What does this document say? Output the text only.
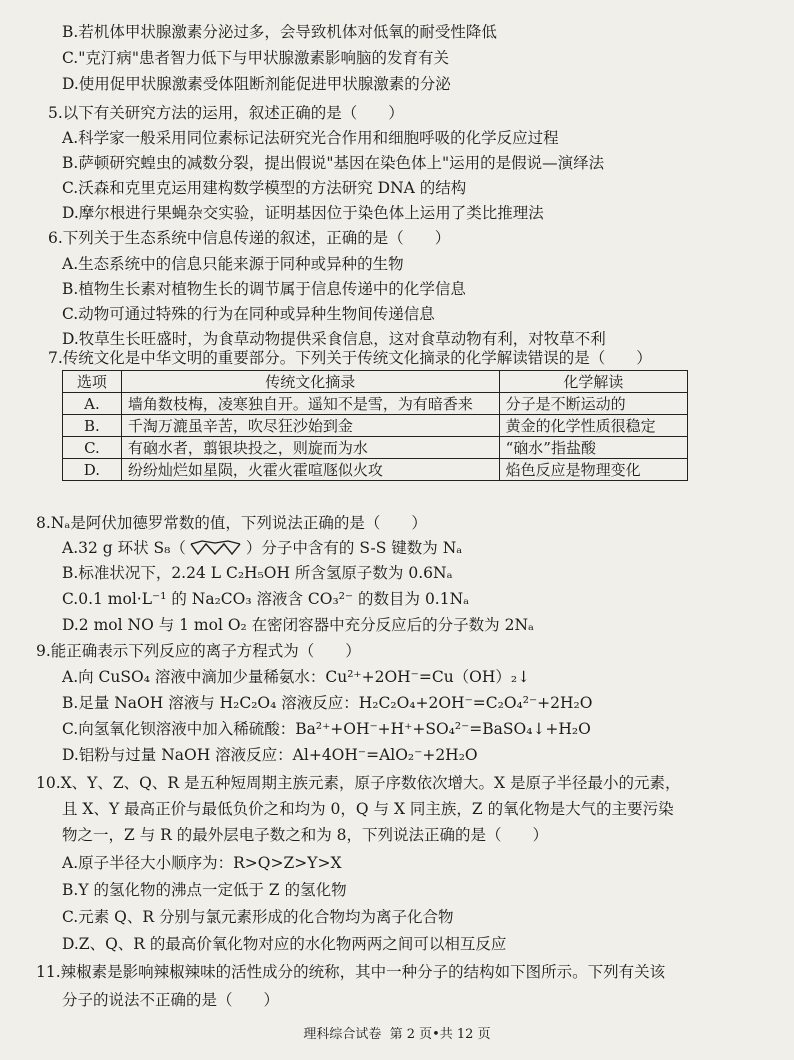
B.若机体甲状腺激素分泌过多，会导致机体对低氧的耐受性降低
C."克汀病"患者智力低下与甲状腺激素影响脑的发育有关
D.使用促甲状腺激素受体阻断剂能促进甲状腺激素的分泌
5.以下有关研究方法的运用，叙述正确的是（　　）
A.科学家一般采用同位素标记法研究光合作用和细胞呼吸的化学反应过程
B.萨顿研究蝗虫的减数分裂，提出假说"基因在染色体上"运用的是假说—演绎法
C.沃森和克里克运用建构数学模型的方法研究 DNA 的结构
D.摩尔根进行果蝇杂交实验，证明基因位于染色体上运用了类比推理法
6.下列关于生态系统中信息传递的叙述，正确的是（　　）
A.生态系统中的信息只能来源于同种或异种的生物
B.植物生长素对植物生长的调节属于信息传递中的化学信息
C.动物可通过特殊的行为在同种或异种生物间传递信息
D.牧草生长旺盛时，为食草动物提供采食信息，这对食草动物有利，对牧草不利
7.传统文化是中华文明的重要部分。下列关于传统文化摘录的化学解读错误的是（　　）
选项	传统文化摘录	化学解读
A.	墙角数枝梅，凌寒独自开。遥知不是雪，为有暗香来	分子是不断运动的
B.	千淘万漉虽辛苦，吹尽狂沙始到金	黄金的化学性质很稳定
C.	有硇水者，翦银块投之，则旋而为水	“硇水”指盐酸
D.	纷纷灿烂如星陨，火霍火霍喧豗似火攻	焰色反应是物理变化
8.Nₐ是阿伏加德罗常数的值，下列说法正确的是（　　）
A.32 g 环状 S₈（	）分子中含有的 S-S 键数为 Nₐ
B.标准状况下，2.24 L C₂H₅OH 所含氢原子数为 0.6Nₐ
C.0.1 mol·L⁻¹ 的 Na₂CO₃ 溶液含 CO₃²⁻ 的数目为 0.1Nₐ
D.2 mol NO 与 1 mol O₂ 在密闭容器中充分反应后的分子数为 2Nₐ
9.能正确表示下列反应的离子方程式为（　　）
A.向 CuSO₄ 溶液中滴加少量稀氨水：Cu²⁺+2OH⁻=Cu（OH）₂↓
B.足量 NaOH 溶液与 H₂C₂O₄ 溶液反应：H₂C₂O₄+2OH⁻=C₂O₄²⁻+2H₂O
C.向氢氧化钡溶液中加入稀硫酸：Ba²⁺+OH⁻+H⁺+SO₄²⁻=BaSO₄↓+H₂O
D.铝粉与过量 NaOH 溶液反应：Al+4OH⁻=AlO₂⁻+2H₂O
10.X、Y、Z、Q、R 是五种短周期主族元素，原子序数依次增大。X 是原子半径最小的元素，
且 X、Y 最高正价与最低负价之和均为 0，Q 与 X 同主族，Z 的氧化物是大气的主要污染
物之一，Z 与 R 的最外层电子数之和为 8，下列说法正确的是（　　）
A.原子半径大小顺序为：R>Q>Z>Y>X
B.Y 的氢化物的沸点一定低于 Z 的氢化物
C.元素 Q、R 分别与氯元素形成的化合物均为离子化合物
D.Z、Q、R 的最高价氧化物对应的水化物两两之间可以相互反应
11.辣椒素是影响辣椒辣味的活性成分的统称，其中一种分子的结构如下图所示。下列有关该
分子的说法不正确的是（　　）
理科综合试卷 第 2 页•共 12 页
